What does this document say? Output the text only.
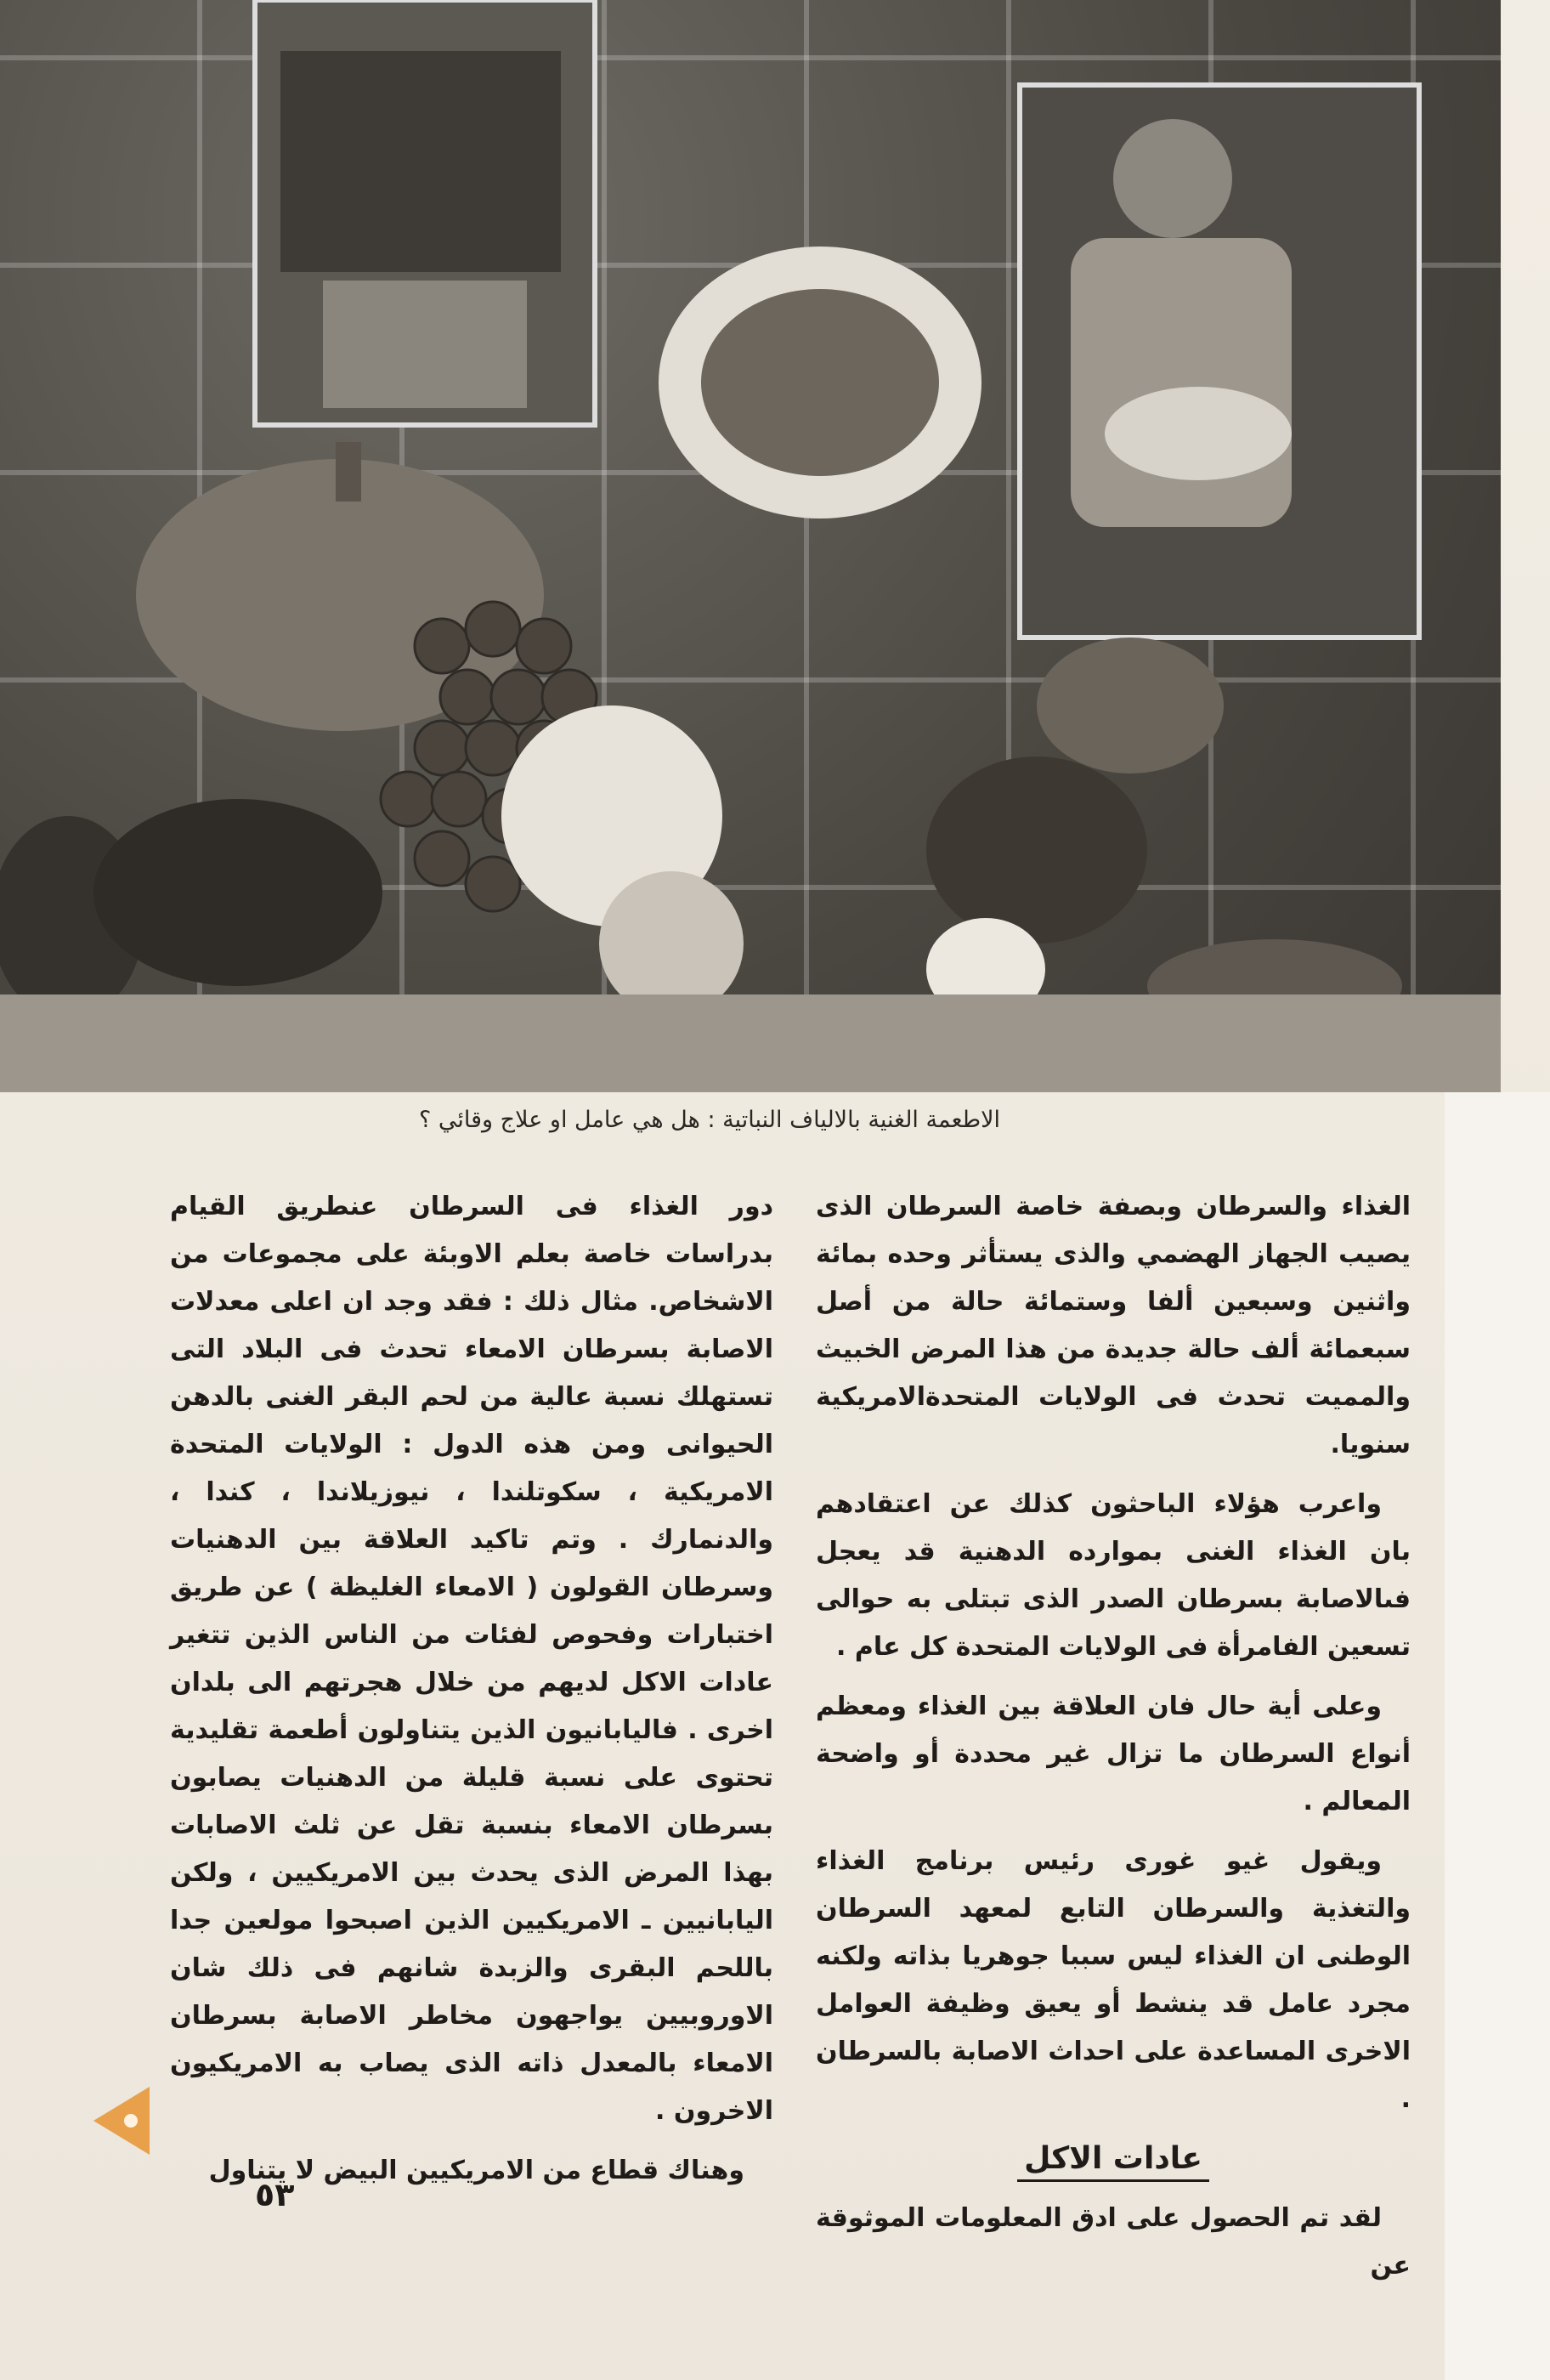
الاطعمة الغنية بالالياف النباتية : هل هي عامل او علاج وقائي ؟

الغذاء والسرطان وبصفة خاصة السرطان الذى يصيب الجهاز الهضمي والذى يستأثر وحده بمائة واثنين وسبعين ألفا وستمائة حالة من أصل سبعمائة ألف حالة جديدة من هذا المرض الخبيث والمميت تحدث فى الولايات المتحدةالامريكية سنويا.

واعرب هؤلاء الباحثون كذلك عن اعتقادهم بان الغذاء الغنى بموارده الدهنية قد يعجل فىالاصابة بسرطان الصدر الذى تبتلى به حوالى تسعين الفامرأة فى الولايات المتحدة كل عام .

وعلى أية حال فان العلاقة بين الغذاء ومعظم أنواع السرطان ما تزال غير محددة أو واضحة المعالم .

ويقول غيو غورى رئيس برنامج الغذاء والتغذية والسرطان التابع لمعهد السرطان الوطنى ان الغذاء ليس سببا جوهريا بذاته ولكنه مجرد عامل قد ينشط أو يعيق وظيفة العوامل الاخرى المساعدة على احداث الاصابة بالسرطان .

عادات الاكل

لقد تم الحصول على ادق المعلومات الموثوقة عن

دور الغذاء فى السرطان عنطريق القيام بدراسات خاصة بعلم الاوبئة على مجموعات من الاشخاص. مثال ذلك : فقد وجد ان اعلى معدلات الاصابة بسرطان الامعاء تحدث فى البلاد التى تستهلك نسبة عالية من لحم البقر الغنى بالدهن الحيوانى ومن هذه الدول : الولايات المتحدة الامريكية ، سكوتلندا ، نيوزيلاندا ، كندا ، والدنمارك . وتم تاكيد العلاقة بين الدهنيات وسرطان القولون ( الامعاء الغليظة ) عن طريق اختبارات وفحوص لفئات من الناس الذين تتغير عادات الاكل لديهم من خلال هجرتهم الى بلدان اخرى . فاليابانيون الذين يتناولون أطعمة تقليدية تحتوى على نسبة قليلة من الدهنيات يصابون بسرطان الامعاء بنسبة تقل عن ثلث الاصابات بهذا المرض الذى يحدث بين الامريكيين ، ولكن اليابانيين ـ الامريكيين الذين اصبحوا مولعين جدا باللحم البقرى والزبدة شانهم فى ذلك شان الاوروبيين يواجهون مخاطر الاصابة بسرطان الامعاء بالمعدل ذاته الذى يصاب به الامريكيون الاخرون .

وهناك قطاع من الامريكيين البيض لا يتناول

٥٣
